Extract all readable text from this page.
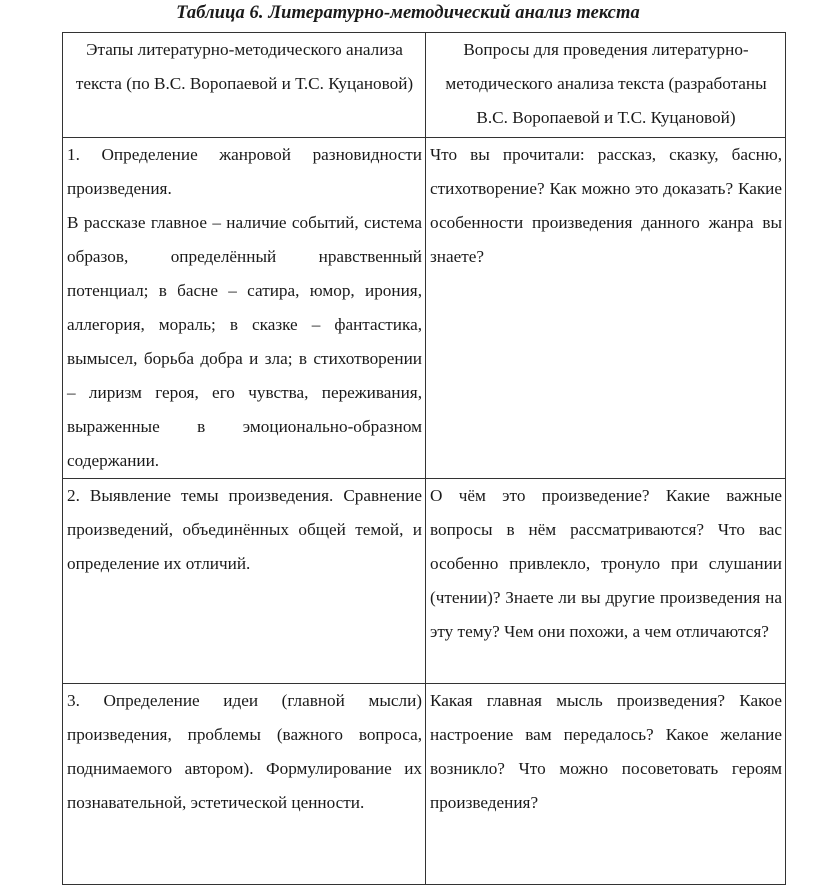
Таблица 6. Литературно-методический анализ текста
Этапы литературно-методического анализа текста (по В.С. Воропаевой и Т.С. Куцановой)	Вопросы для проведения литературно-методического анализа текста (разработаны В.С. Воропаевой и Т.С. Куцановой)

1. Определение жанровой разновидности произведения.
В рассказе главное – наличие событий, система образов, определённый нравственный потенциал; в басне – сатира, юмор, ирония, аллегория, мораль; в сказке – фантастика, вымысел, борьба добра и зла; в стихотворении – лиризм героя, его чувства, переживания, выраженные в эмоционально-образном содержании.	Что вы прочитали: рассказ, сказку, басню, стихотворение? Как можно это доказать? Какие особенности произведения данного жанра вы знаете?
2. Выявление темы произведения. Сравнение произведений, объединённых общей темой, и определение их отличий.	О чём это произведение? Какие важные вопросы в нём рассматриваются? Что вас особенно привлекло, тронуло при слушании (чтении)? Знаете ли вы другие произведения на эту тему? Чем они похожи, а чем отличаются?
3. Определение идеи (главной мысли) произведения, проблемы (важного вопроса, поднимаемого автором). Формулирование их познавательной, эстетической ценности.	Какая главная мысль произведения? Какое настроение вам передалось? Какое желание возникло? Что можно посоветовать героям произведения?
